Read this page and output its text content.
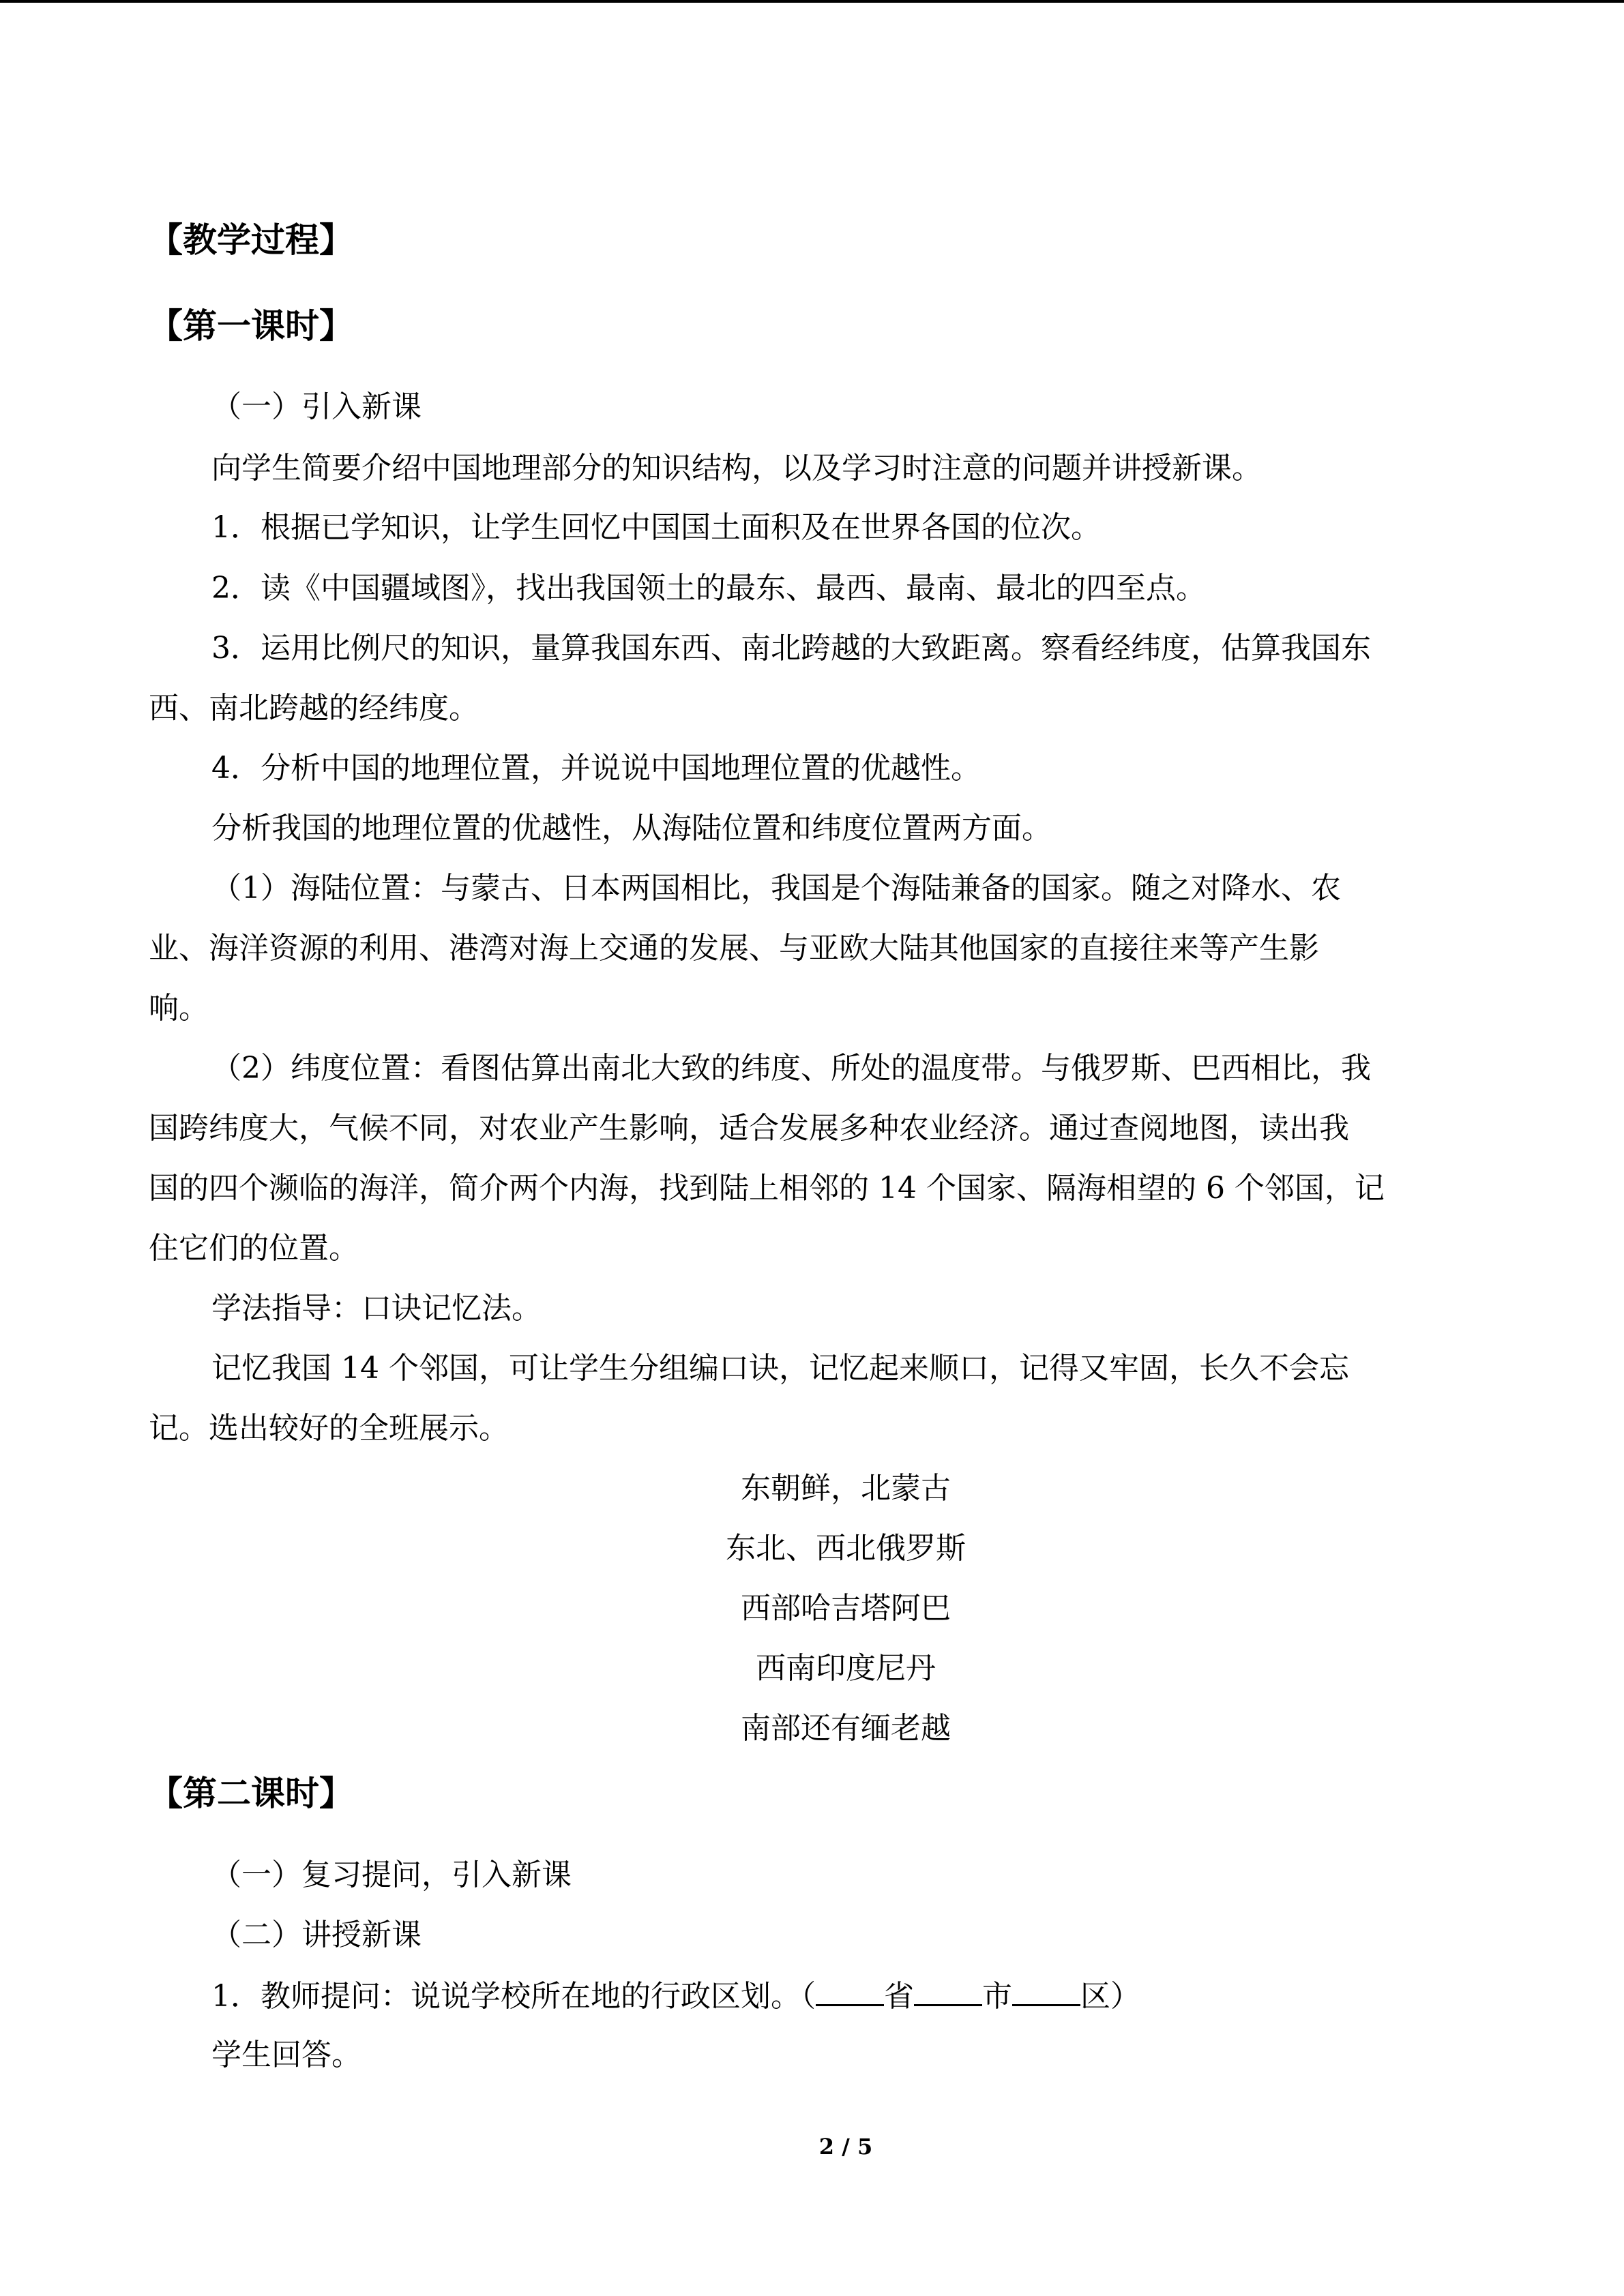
【教学过程】
【第一课时】
（一）引入新课
向学生简要介绍中国地理部分的知识结构，以及学习时注意的问题并讲授新课。
1．根据已学知识，让学生回忆中国国土面积及在世界各国的位次。
2．读《中国疆域图》，找出我国领土的最东、最西、最南、最北的四至点。
3．运用比例尺的知识，量算我国东西、南北跨越的大致距离。察看经纬度，估算我国东
西、南北跨越的经纬度。
4．分析中国的地理位置，并说说中国地理位置的优越性。
分析我国的地理位置的优越性，从海陆位置和纬度位置两方面。
（1）海陆位置：与蒙古、日本两国相比，我国是个海陆兼备的国家。随之对降水、农
业、海洋资源的利用、港湾对海上交通的发展、与亚欧大陆其他国家的直接往来等产生影
响。
（2）纬度位置：看图估算出南北大致的纬度、所处的温度带。与俄罗斯、巴西相比，我
国跨纬度大，气候不同，对农业产生影响，适合发展多种农业经济。通过查阅地图，读出我
国的四个濒临的海洋，简介两个内海，找到陆上相邻的 14 个国家、隔海相望的 6 个邻国，记
住它们的位置。
学法指导：口诀记忆法。
记忆我国 14 个邻国，可让学生分组编口诀，记忆起来顺口，记得又牢固，长久不会忘
记。选出较好的全班展示。
东朝鲜，北蒙古
东北、西北俄罗斯
西部哈吉塔阿巴
西南印度尼丹
南部还有缅老越
【第二课时】
（一）复习提问，引入新课
（二）讲授新课
1．教师提问：说说学校所在地的行政区划。（ 省 市 区）
学生回答。
2 / 5
